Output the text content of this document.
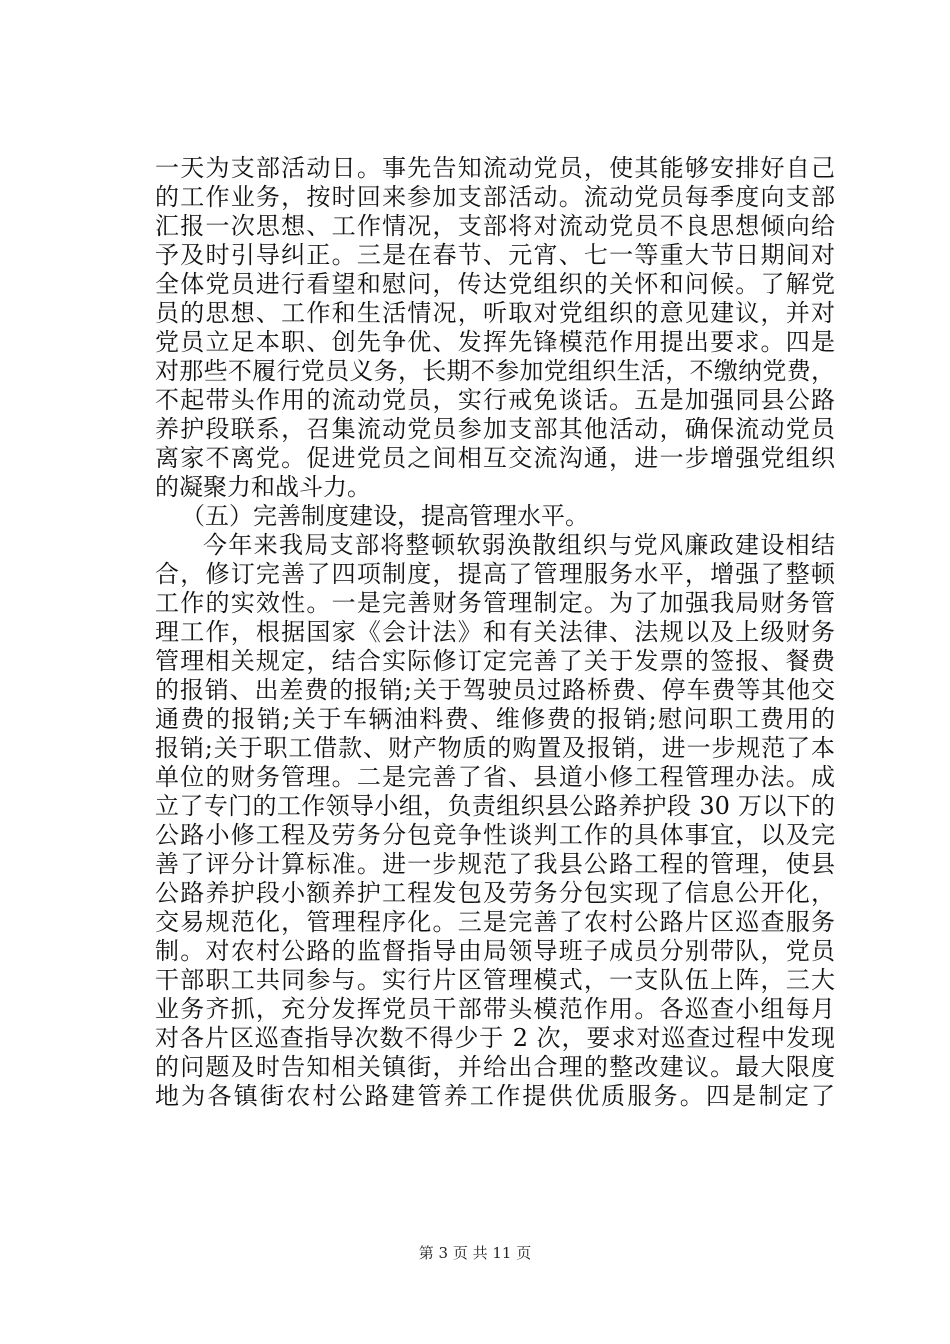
一天为支部活动日。事先告知流动党员，使其能够安排好自己
的工作业务，按时回来参加支部活动。流动党员每季度向支部
汇报一次思想、工作情况，支部将对流动党员不良思想倾向给
予及时引导纠正。三是在春节、元宵、七一等重大节日期间对
全体党员进行看望和慰问，传达党组织的关怀和问候。了解党
员的思想、工作和生活情况，听取对党组织的意见建议，并对
党员立足本职、创先争优、发挥先锋模范作用提出要求。四是
对那些不履行党员义务，长期不参加党组织生活，不缴纳党费，
不起带头作用的流动党员，实行戒免谈话。五是加强同县公路
养护段联系，召集流动党员参加支部其他活动，确保流动党员
离家不离党。促进党员之间相互交流沟通，进一步增强党组织
的凝聚力和战斗力。
（五）完善制度建设，提高管理水平。
今年来我局支部将整顿软弱涣散组织与党风廉政建设相结
合，修订完善了四项制度，提高了管理服务水平，增强了整顿
工作的实效性。一是完善财务管理制定。为了加强我局财务管
理工作，根据国家《会计法》和有关法律、法规以及上级财务
管理相关规定，结合实际修订定完善了关于发票的签报、餐费
的报销、出差费的报销;关于驾驶员过路桥费、停车费等其他交
通费的报销;关于车辆油料费、维修费的报销;慰问职工费用的
报销;关于职工借款、财产物质的购置及报销，进一步规范了本
单位的财务管理。二是完善了省、县道小修工程管理办法。成
立了专门的工作领导小组，负责组织县公路养护段 30 万以下的
公路小修工程及劳务分包竞争性谈判工作的具体事宜，以及完
善了评分计算标准。进一步规范了我县公路工程的管理，使县
公路养护段小额养护工程发包及劳务分包实现了信息公开化，
交易规范化，管理程序化。三是完善了农村公路片区巡查服务
制。对农村公路的监督指导由局领导班子成员分别带队，党员
干部职工共同参与。实行片区管理模式，一支队伍上阵，三大
业务齐抓，充分发挥党员干部带头模范作用。各巡查小组每月
对各片区巡查指导次数不得少于 2 次，要求对巡查过程中发现
的问题及时告知相关镇街，并给出合理的整改建议。最大限度
地为各镇街农村公路建管养工作提供优质服务。四是制定了
第 3 页 共 11 页
